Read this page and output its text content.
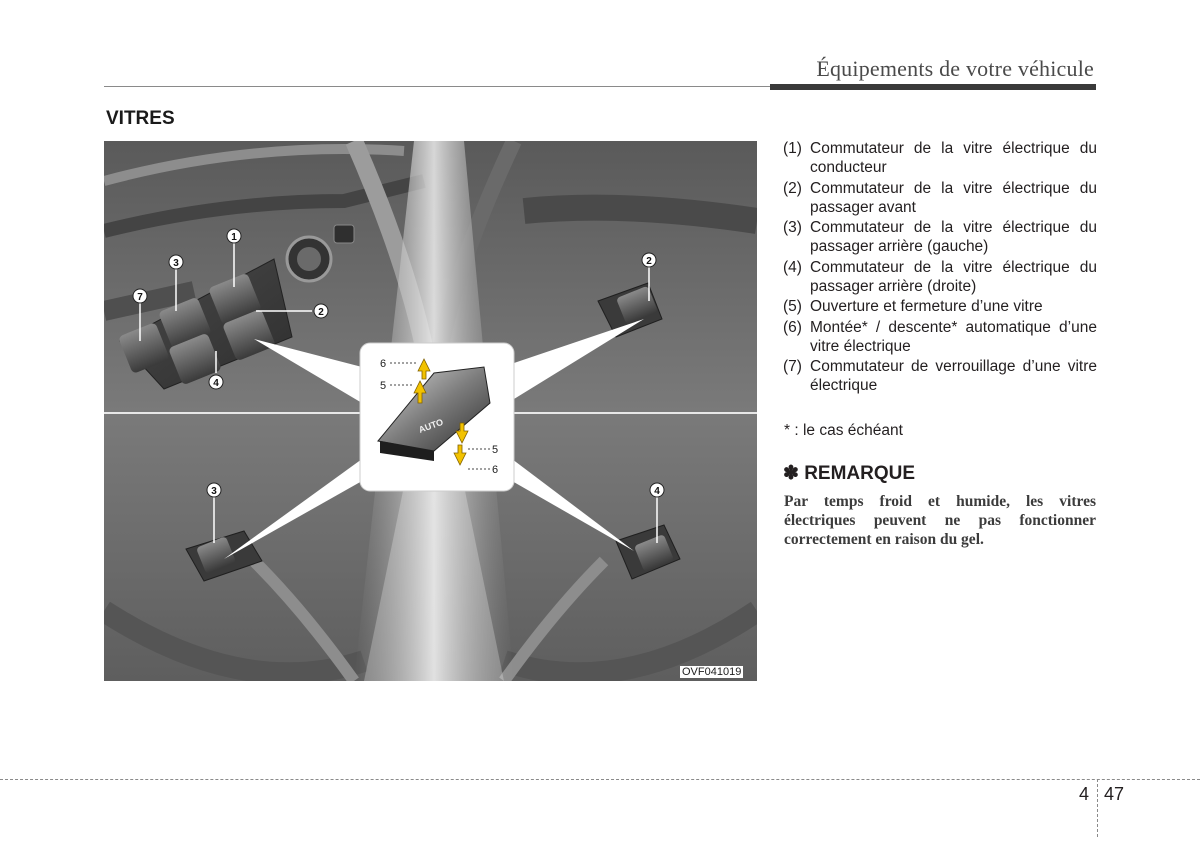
Équipements de votre véhicule
VITRES
AUTO
6
5
5
6
1
3
7
2
4
2
3	4
OVF041019
(1) Commutateur de la vitre électrique du conducteur
(2) Commutateur de la vitre électrique du passager avant
(3) Commutateur de la vitre électrique du passager arrière (gauche)
(4) Commutateur de la vitre électrique du passager arrière (droite)
(5) Ouverture et fermeture d’une vitre
(6) Montée* / descente* automatique d’une vitre électrique
(7) Commutateur de verrouillage d’une vitre électrique
* : le cas échéant
✽ REMARQUE

Par temps froid et humide, les vitres électriques peuvent ne pas fonctionner correctement en raison du gel.

4 47
